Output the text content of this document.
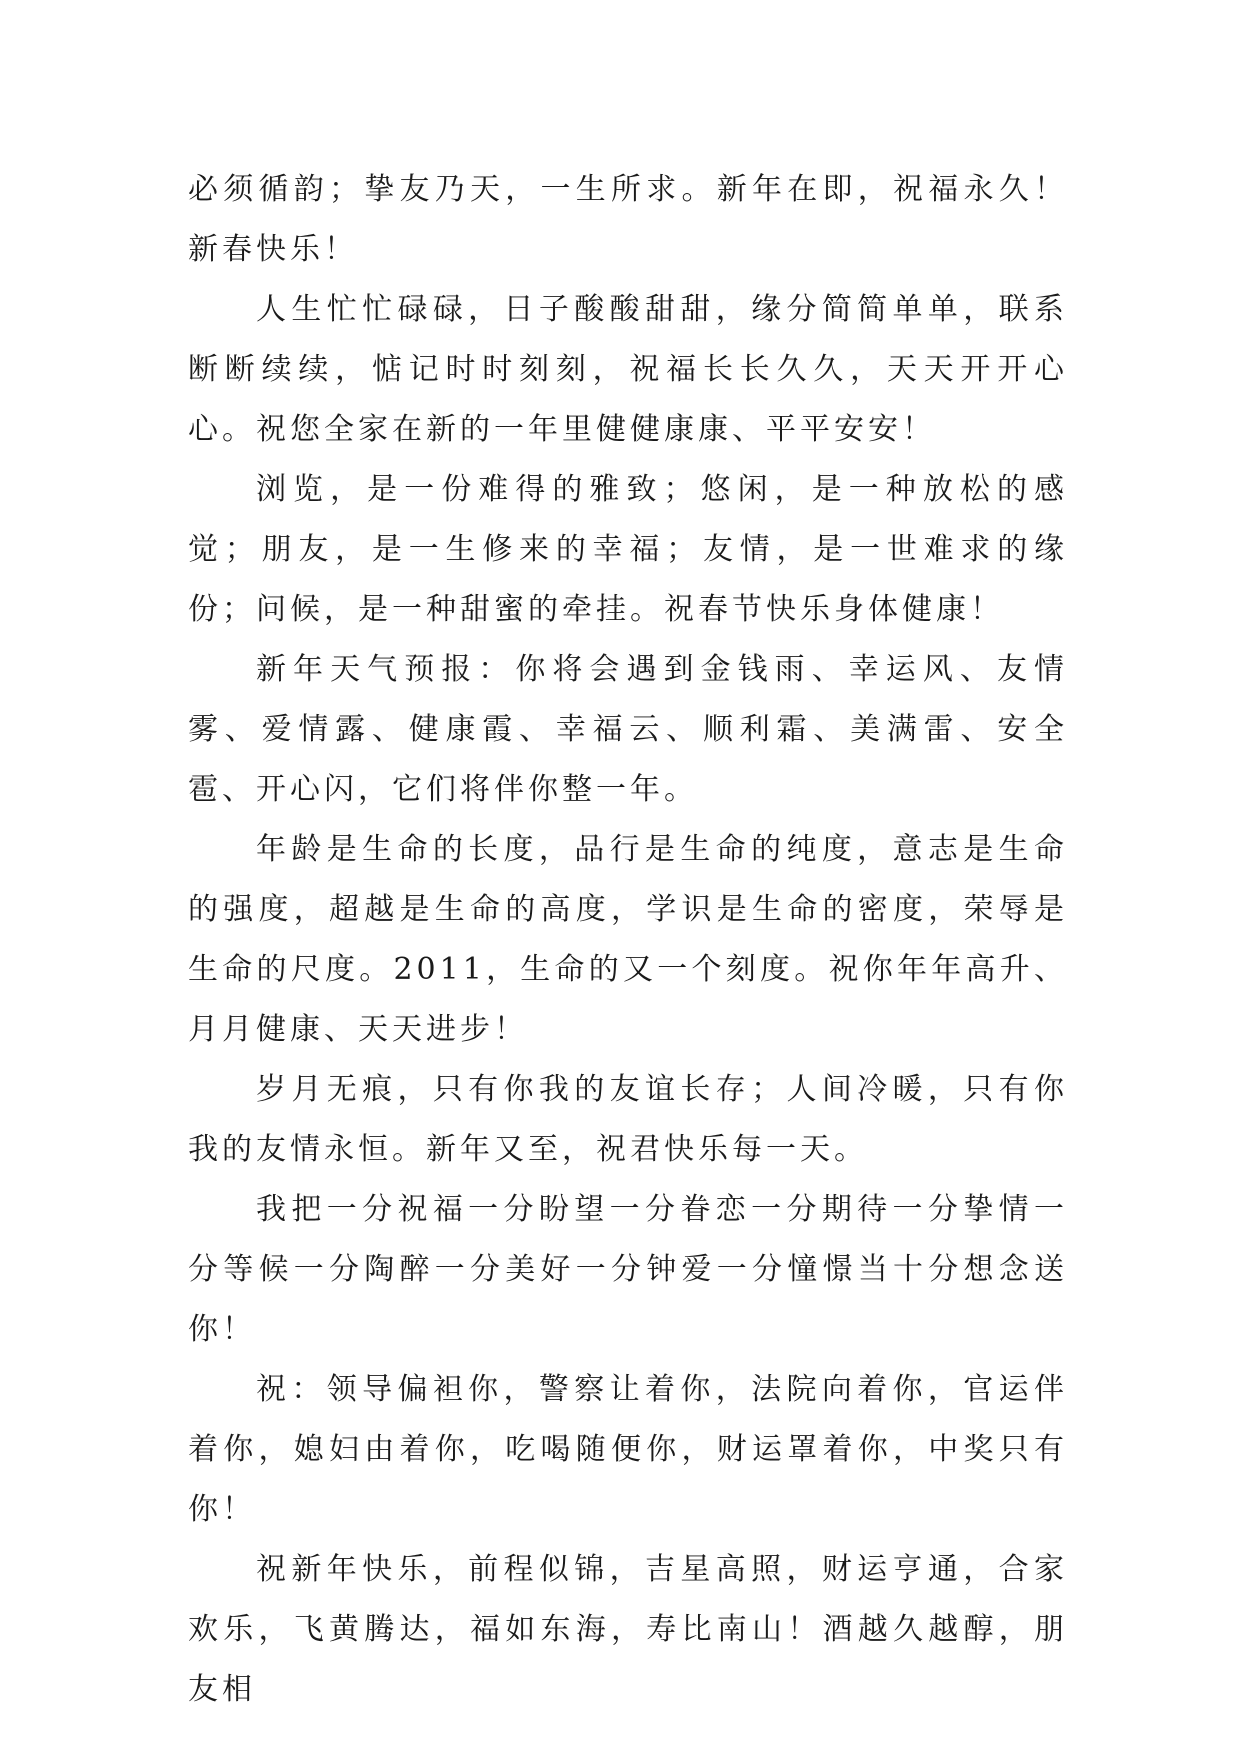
必须循韵；挚友乃天，一生所求。新年在即，祝福永久！新春快乐！

人生忙忙碌碌，日子酸酸甜甜，缘分简简单单，联系断断续续，惦记时时刻刻，祝福长长久久，天天开开心心。祝您全家在新的一年里健健康康、平平安安！

浏览，是一份难得的雅致；悠闲，是一种放松的感觉；朋友，是一生修来的幸福；友情，是一世难求的缘份；问候，是一种甜蜜的牵挂。祝春节快乐身体健康！

新年天气预报：你将会遇到金钱雨、幸运风、友情雾、爱情露、健康霞、幸福云、顺利霜、美满雷、安全雹、开心闪，它们将伴你整一年。

年龄是生命的长度，品行是生命的纯度，意志是生命的强度，超越是生命的高度，学识是生命的密度，荣辱是生命的尺度。2011，生命的又一个刻度。祝你年年高升、月月健康、天天进步！

岁月无痕，只有你我的友谊长存；人间冷暖，只有你我的友情永恒。新年又至，祝君快乐每一天。

我把一分祝福一分盼望一分眷恋一分期待一分挚情一分等候一分陶醉一分美好一分钟爱一分憧憬当十分想念送你！

祝：领导偏袒你，警察让着你，法院向着你，官运伴着你，媳妇由着你，吃喝随便你，财运罩着你，中奖只有你！

祝新年快乐，前程似锦，吉星高照，财运亨通，合家欢乐，飞黄腾达，福如东海，寿比南山！酒越久越醇，朋友相
